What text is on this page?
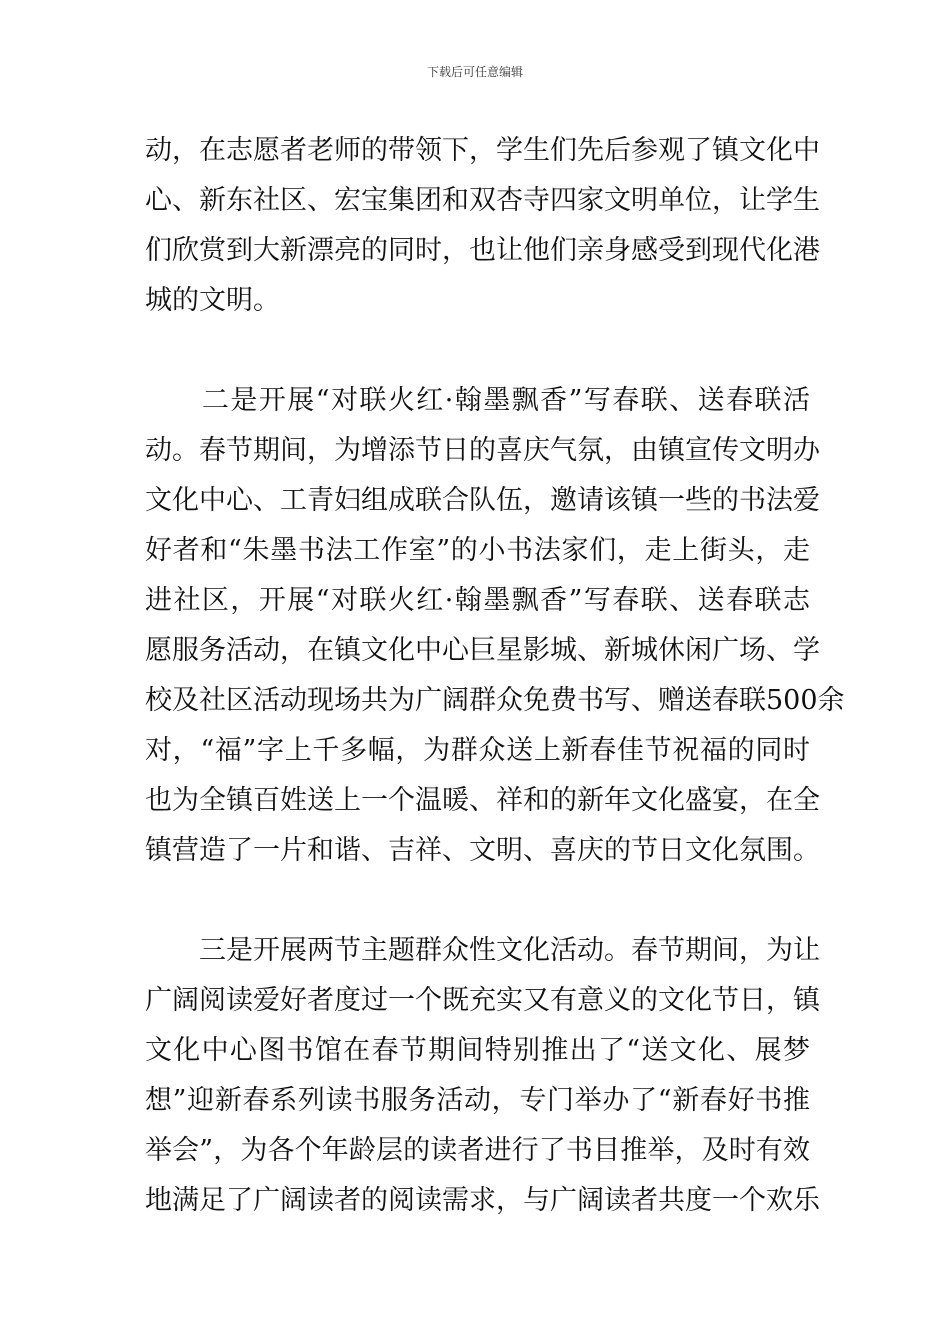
下载后可任意编辑
动，在志愿者老师的带领下，学生们先后参观了镇文化中
心、新东社区、宏宝集团和双杏寺四家文明单位，让学生
们欣赏到大新漂亮的同时，也让他们亲身感受到现代化港
城的文明。
　　二是开展“对联火红·翰墨飘香”写春联、送春联活
动。春节期间，为增添节日的喜庆气氛，由镇宣传文明办
文化中心、工青妇组成联合队伍，邀请该镇一些的书法爱
好者和“朱墨书法工作室”的小书法家们，走上街头，走
进社区，开展“对联火红·翰墨飘香”写春联、送春联志
愿服务活动，在镇文化中心巨星影城、新城休闲广场、学
校及社区活动现场共为广阔群众免费书写、赠送春联500余
对，“福”字上千多幅，为群众送上新春佳节祝福的同时
也为全镇百姓送上一个温暖、祥和的新年文化盛宴，在全
镇营造了一片和谐、吉祥、文明、喜庆的节日文化氛围。
　　三是开展两节主题群众性文化活动。春节期间，为让
广阔阅读爱好者度过一个既充实又有意义的文化节日，镇
文化中心图书馆在春节期间特别推出了“送文化、展梦
想”迎新春系列读书服务活动，专门举办了“新春好书推
举会”，为各个年龄层的读者进行了书目推举，及时有效
地满足了广阔读者的阅读需求，与广阔读者共度一个欢乐
